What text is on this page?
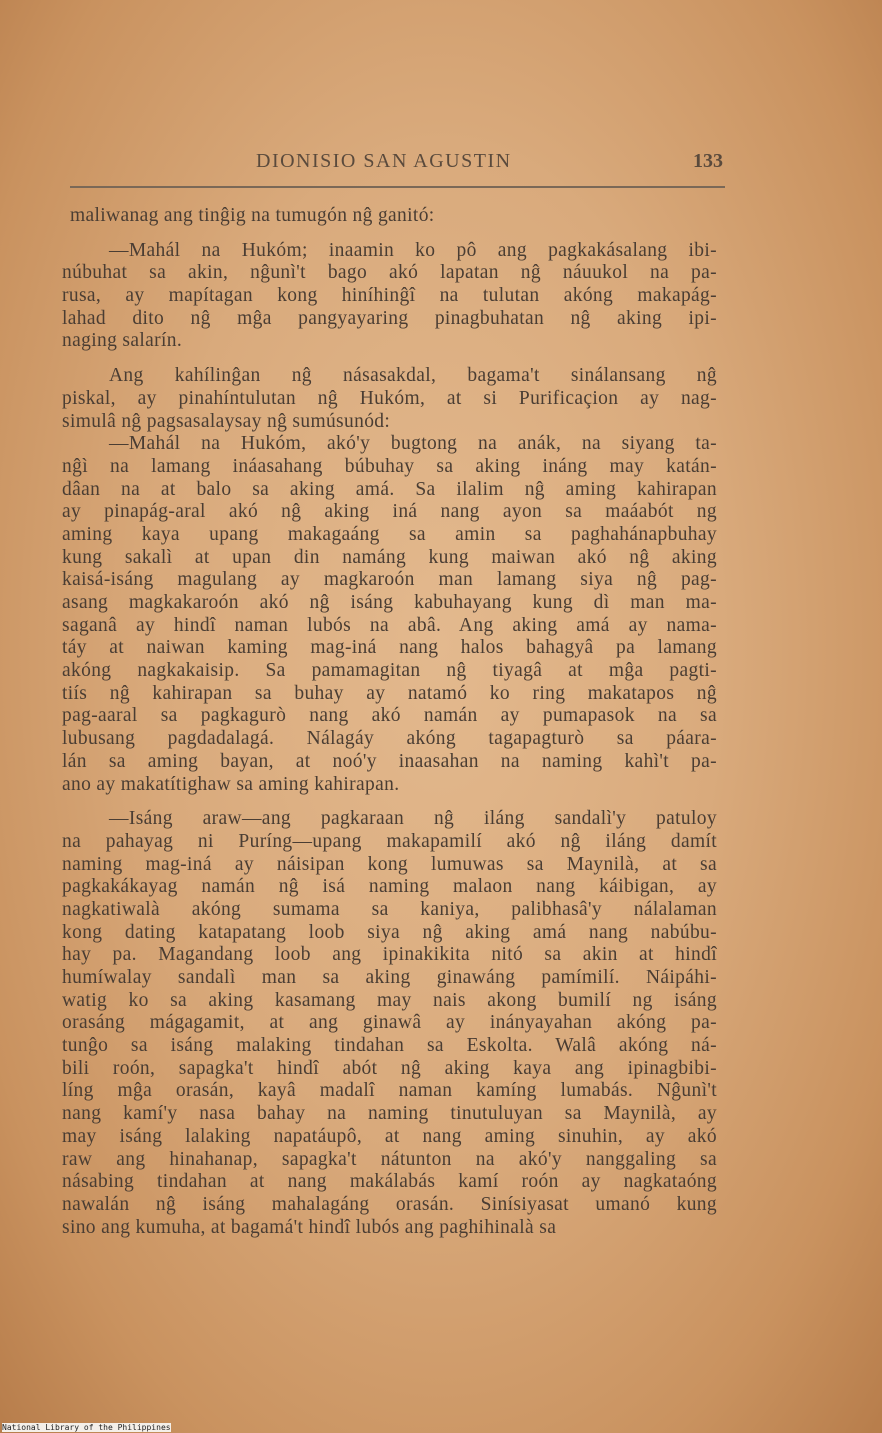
DIONISIO SAN AGUSTIN	133
maliwanag ang tinĝig na tumugón nĝ ganitó:
—Mahál na Hukóm; inaamin ko pô ang pagkakásalang ibi-
núbuhat sa akin, nĝunì't bago akó lapatan nĝ náuukol na pa-
rusa, ay mapítagan kong hiníhinĝî na tulutan akóng makapág-
lahad dito nĝ mĝa pangyayaring pinagbuhatan nĝ aking ipi-
naging salarín.
Ang kahílinĝan nĝ násasakdal, bagama't sinálansang nĝ
piskal, ay pinahíntulutan nĝ Hukóm, at si Purificaçion ay nag-
simulâ nĝ pagsasalaysay nĝ sumúsunód:
—Mahál na Hukóm, akó'y bugtong na anák, na siyang ta-
nĝì na lamang ináasahang búbuhay sa aking ináng may katán-
dâan na at balo sa aking amá. Sa ilalim nĝ aming kahirapan
ay pinapág-aral akó nĝ aking iná nang ayon sa maáabót ng
aming kaya upang makagaáng sa amin sa paghahánapbuhay
kung sakalì at upan din namáng kung maiwan akó nĝ aking
kaisá-isáng magulang ay magkaroón man lamang siya nĝ pag-
asang magkakaroón akó nĝ isáng kabuhayang kung dì man ma-
saganâ ay hindî naman lubós na abâ. Ang aking amá ay nama-
táy at naiwan kaming mag-iná nang halos bahagyâ pa lamang
akóng nagkakaisip. Sa pamamagitan nĝ tiyagâ at mĝa pagti-
tiís nĝ kahirapan sa buhay ay natamó ko ring makatapos nĝ
pag-aaral sa pagkagurò nang akó namán ay pumapasok na sa
lubusang pagdadalagá. Nálagáy akóng tagapagturò sa páara-
lán sa aming bayan, at noó'y inaasahan na naming kahì't pa-
ano ay makatítighaw sa aming kahirapan.
—Isáng araw—ang pagkaraan nĝ iláng sandalì'y patuloy
na pahayag ni Puríng—upang makapamilí akó nĝ iláng damít
naming mag-iná ay náisipan kong lumuwas sa Maynilà, at sa
pagkakákayag namán nĝ isá naming malaon nang káibigan, ay
nagkatiwalà akóng sumama sa kaniya, palibhasâ'y nálalaman
kong dating katapatang loob siya nĝ aking amá nang nabúbu-
hay pa. Magandang loob ang ipinakikita nitó sa akin at hindî
humíwalay sandalì man sa aking ginawáng pamímilí. Náipáhi-
watig ko sa aking kasamang may nais akong bumilí ng isáng
orasáng mágagamit, at ang ginawâ ay inányayahan akóng pa-
tunĝo sa isáng malaking tindahan sa Eskolta. Walâ akóng ná-
bili roón, sapagka't hindî abót nĝ aking kaya ang ipinagbibi-
líng mĝa orasán, kayâ madalî naman kamíng lumabás. Nĝunì't
nang kamí'y nasa bahay na naming tinutuluyan sa Maynilà, ay
may isáng lalaking napatáupô, at nang aming sinuhin, ay akó
raw ang hinahanap, sapagka't nátunton na akó'y nanggaling sa
násabing tindahan at nang makálabás kamí roón ay nagkataóng
nawalán nĝ isáng mahalagáng orasán. Sinísiyasat umanó kung
sino ang kumuha, at bagamá't hindî lubós ang paghihinalà sa
National Library of the Philippines
